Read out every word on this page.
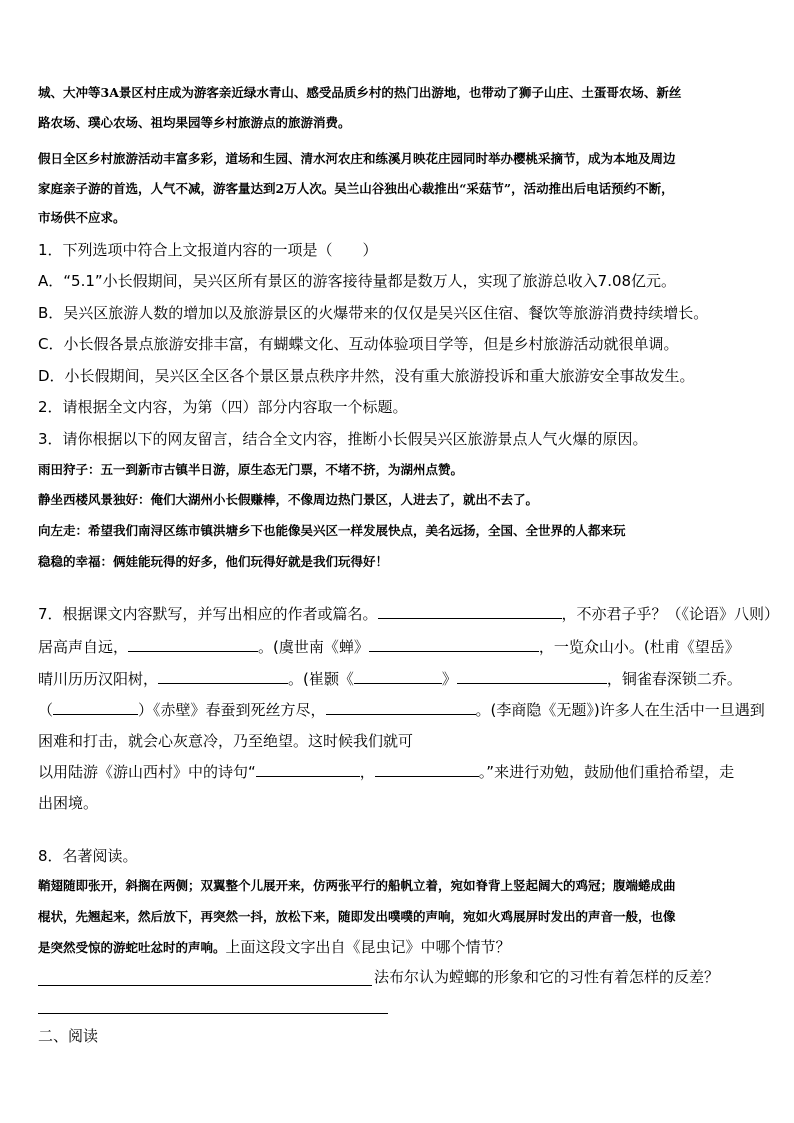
城、大冲等3A景区村庄成为游客亲近绿水青山、感受品质乡村的热门出游地，也带动了狮子山庄、土蛋哥农场、新丝
路农场、璞心农场、祖均果园等乡村旅游点的旅游消费。
假日全区乡村旅游活动丰富多彩，道场和生园、清水河农庄和练溪月映花庄园同时举办樱桃采摘节，成为本地及周边
家庭亲子游的首选，人气不减，游客量达到2万人次。吴兰山谷独出心裁推出“采菇节”，活动推出后电话预约不断，
市场供不应求。
1．下列选项中符合上文报道内容的一项是（　　）
A．“5.1”小长假期间，吴兴区所有景区的游客接待量都是数万人，实现了旅游总收入7.08亿元。
B．吴兴区旅游人数的增加以及旅游景区的火爆带来的仅仅是吴兴区住宿、餐饮等旅游消费持续增长。
C．小长假各景点旅游安排丰富，有蝴蝶文化、互动体验项目学等，但是乡村旅游活动就很单调。
D．小长假期间，吴兴区全区各个景区景点秩序井然，没有重大旅游投诉和重大旅游安全事故发生。
2．请根据全文内容，为第（四）部分内容取一个标题。
3．请你根据以下的网友留言，结合全文内容，推断小长假吴兴区旅游景点人气火爆的原因。
雨田狩子：五一到新市古镇半日游，原生态无门票，不堵不挤，为湖州点赞。
静坐西楼风景独好：俺们大湖州小长假赚棒，不像周边热门景区，人进去了，就出不去了。
向左走：希望我们南浔区练市镇洪塘乡下也能像吴兴区一样发展快点，美名远扬，全国、全世界的人都来玩
稳稳的幸福：俩娃能玩得的好多，他们玩得好就是我们玩得好！
7．根据课文内容默写，并写出相应的作者或篇名。	，不亦君子乎？（《论语》八则）
居高声自远，	。(虞世南《蝉》	，一览众山小。(杜甫《望岳》
晴川历历汉阳树，	。(崔颢《	》	，铜雀春深锁二乔。
（	）《赤壁》春蚕到死丝方尽，	。(李商隐《无题》)许多人在生活中一旦遇到
困难和打击，就会心灰意冷，乃至绝望。这时候我们就可
以用陆游《游山西村》中的诗句“	，	。”来进行劝勉，鼓励他们重拾希望，走
出困境。
8．名著阅读。
鞘翅随即张开，斜搁在两侧；双翼整个儿展开来，仿两张平行的船帆立着，宛如脊背上竖起阔大的鸡冠；腹端蜷成曲
棍状，先翘起来，然后放下，再突然一抖，放松下来，随即发出噗噗的声响，宛如火鸡展屏时发出的声音一般，也像
是突然受惊的游蛇吐忿时的声响。上面这段文字出自《昆虫记》中哪个情节？
法布尔认为螳螂的形象和它的习性有着怎样的反差？
二、阅读
